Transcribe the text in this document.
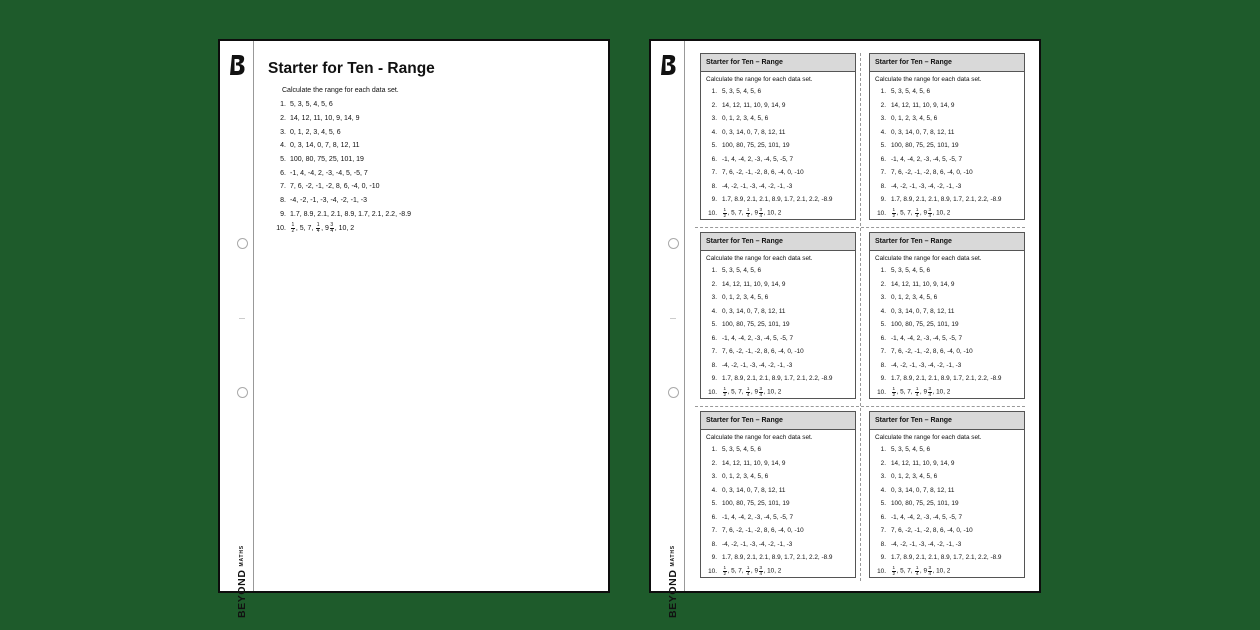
BEYONDMATHS
Starter for Ten - Range
Calculate the range for each data set.
1. 5, 3, 5, 4, 5, 6
2. 14, 12, 11, 10, 9, 14, 9
3. 0, 1, 2, 3, 4, 5, 6
4. 0, 3, 14, 0, 7, 8, 12, 11
5. 100, 80, 75, 25, 101, 19
6. -1, 4, -4, 2, -3, -4, 5, -5, 7
7. 7, 6, -2, -1, -2, 8, 6, -4, 0, -10
8. -4, -2, -1, -3, -4, -2, -1, -3
9. 1.7, 8.9, 2.1, 2.1, 8.9, 1.7, 2.1, 2.2, -8.9
10. $\frac{1}{2}$ , 5, 7, $\frac{1}{4}$ , $9 \frac{3}{4}$ , 10, 2
BEYONDMATHS
Starter for Ten – Range
Calculate the range for each data set.
1. 5, 3, 5, 4, 5, 6
2. 14, 12, 11, 10, 9, 14, 9
3. 0, 1, 2, 3, 4, 5, 6
4. 0, 3, 14, 0, 7, 8, 12, 11
5. 100, 80, 75, 25, 101, 19
6. -1, 4, -4, 2, -3, -4, 5, -5, 7
7. 7, 6, -2, -1, -2, 8, 6, -4, 0, -10
8. -4, -2, -1, -3, -4, -2, -1, -3
9. 1.7, 8.9, 2.1, 2.1, 8.9, 1.7, 2.1, 2.2, -8.9
10. $\frac{1}{2}$ , 5, 7, $\frac{1}{4}$ , $9 \frac{3}{4}$ , 10, 2
Starter for Ten – Range
Calculate the range for each data set.
1. 5, 3, 5, 4, 5, 6
2. 14, 12, 11, 10, 9, 14, 9
3. 0, 1, 2, 3, 4, 5, 6
4. 0, 3, 14, 0, 7, 8, 12, 11
5. 100, 80, 75, 25, 101, 19
6. -1, 4, -4, 2, -3, -4, 5, -5, 7
7. 7, 6, -2, -1, -2, 8, 6, -4, 0, -10
8. -4, -2, -1, -3, -4, -2, -1, -3
9. 1.7, 8.9, 2.1, 2.1, 8.9, 1.7, 2.1, 2.2, -8.9
10. $\frac{1}{2}$ , 5, 7, $\frac{1}{4}$ , $9 \frac{3}{4}$ , 10, 2
Starter for Ten – Range
Calculate the range for each data set.
1. 5, 3, 5, 4, 5, 6
2. 14, 12, 11, 10, 9, 14, 9
3. 0, 1, 2, 3, 4, 5, 6
4. 0, 3, 14, 0, 7, 8, 12, 11
5. 100, 80, 75, 25, 101, 19
6. -1, 4, -4, 2, -3, -4, 5, -5, 7
7. 7, 6, -2, -1, -2, 8, 6, -4, 0, -10
8. -4, -2, -1, -3, -4, -2, -1, -3
9. 1.7, 8.9, 2.1, 2.1, 8.9, 1.7, 2.1, 2.2, -8.9
10. $\frac{1}{2}$ , 5, 7, $\frac{1}{4}$ , $9 \frac{3}{4}$ , 10, 2
Starter for Ten – Range
Calculate the range for each data set.
1. 5, 3, 5, 4, 5, 6
2. 14, 12, 11, 10, 9, 14, 9
3. 0, 1, 2, 3, 4, 5, 6
4. 0, 3, 14, 0, 7, 8, 12, 11
5. 100, 80, 75, 25, 101, 19
6. -1, 4, -4, 2, -3, -4, 5, -5, 7
7. 7, 6, -2, -1, -2, 8, 6, -4, 0, -10
8. -4, -2, -1, -3, -4, -2, -1, -3
9. 1.7, 8.9, 2.1, 2.1, 8.9, 1.7, 2.1, 2.2, -8.9
10. $\frac{1}{2}$ , 5, 7, $\frac{1}{4}$ , $9 \frac{3}{4}$ , 10, 2
Starter for Ten – Range
Calculate the range for each data set.
1. 5, 3, 5, 4, 5, 6
2. 14, 12, 11, 10, 9, 14, 9
3. 0, 1, 2, 3, 4, 5, 6
4. 0, 3, 14, 0, 7, 8, 12, 11
5. 100, 80, 75, 25, 101, 19
6. -1, 4, -4, 2, -3, -4, 5, -5, 7
7. 7, 6, -2, -1, -2, 8, 6, -4, 0, -10
8. -4, -2, -1, -3, -4, -2, -1, -3
9. 1.7, 8.9, 2.1, 2.1, 8.9, 1.7, 2.1, 2.2, -8.9
10. $\frac{1}{2}$ , 5, 7, $\frac{1}{4}$ , $9 \frac{3}{4}$ , 10, 2
Starter for Ten – Range
Calculate the range for each data set.
1. 5, 3, 5, 4, 5, 6
2. 14, 12, 11, 10, 9, 14, 9
3. 0, 1, 2, 3, 4, 5, 6
4. 0, 3, 14, 0, 7, 8, 12, 11
5. 100, 80, 75, 25, 101, 19
6. -1, 4, -4, 2, -3, -4, 5, -5, 7
7. 7, 6, -2, -1, -2, 8, 6, -4, 0, -10
8. -4, -2, -1, -3, -4, -2, -1, -3
9. 1.7, 8.9, 2.1, 2.1, 8.9, 1.7, 2.1, 2.2, -8.9
10. $\frac{1}{2}$ , 5, 7, $\frac{1}{4}$ , $9 \frac{3}{4}$ , 10, 2
